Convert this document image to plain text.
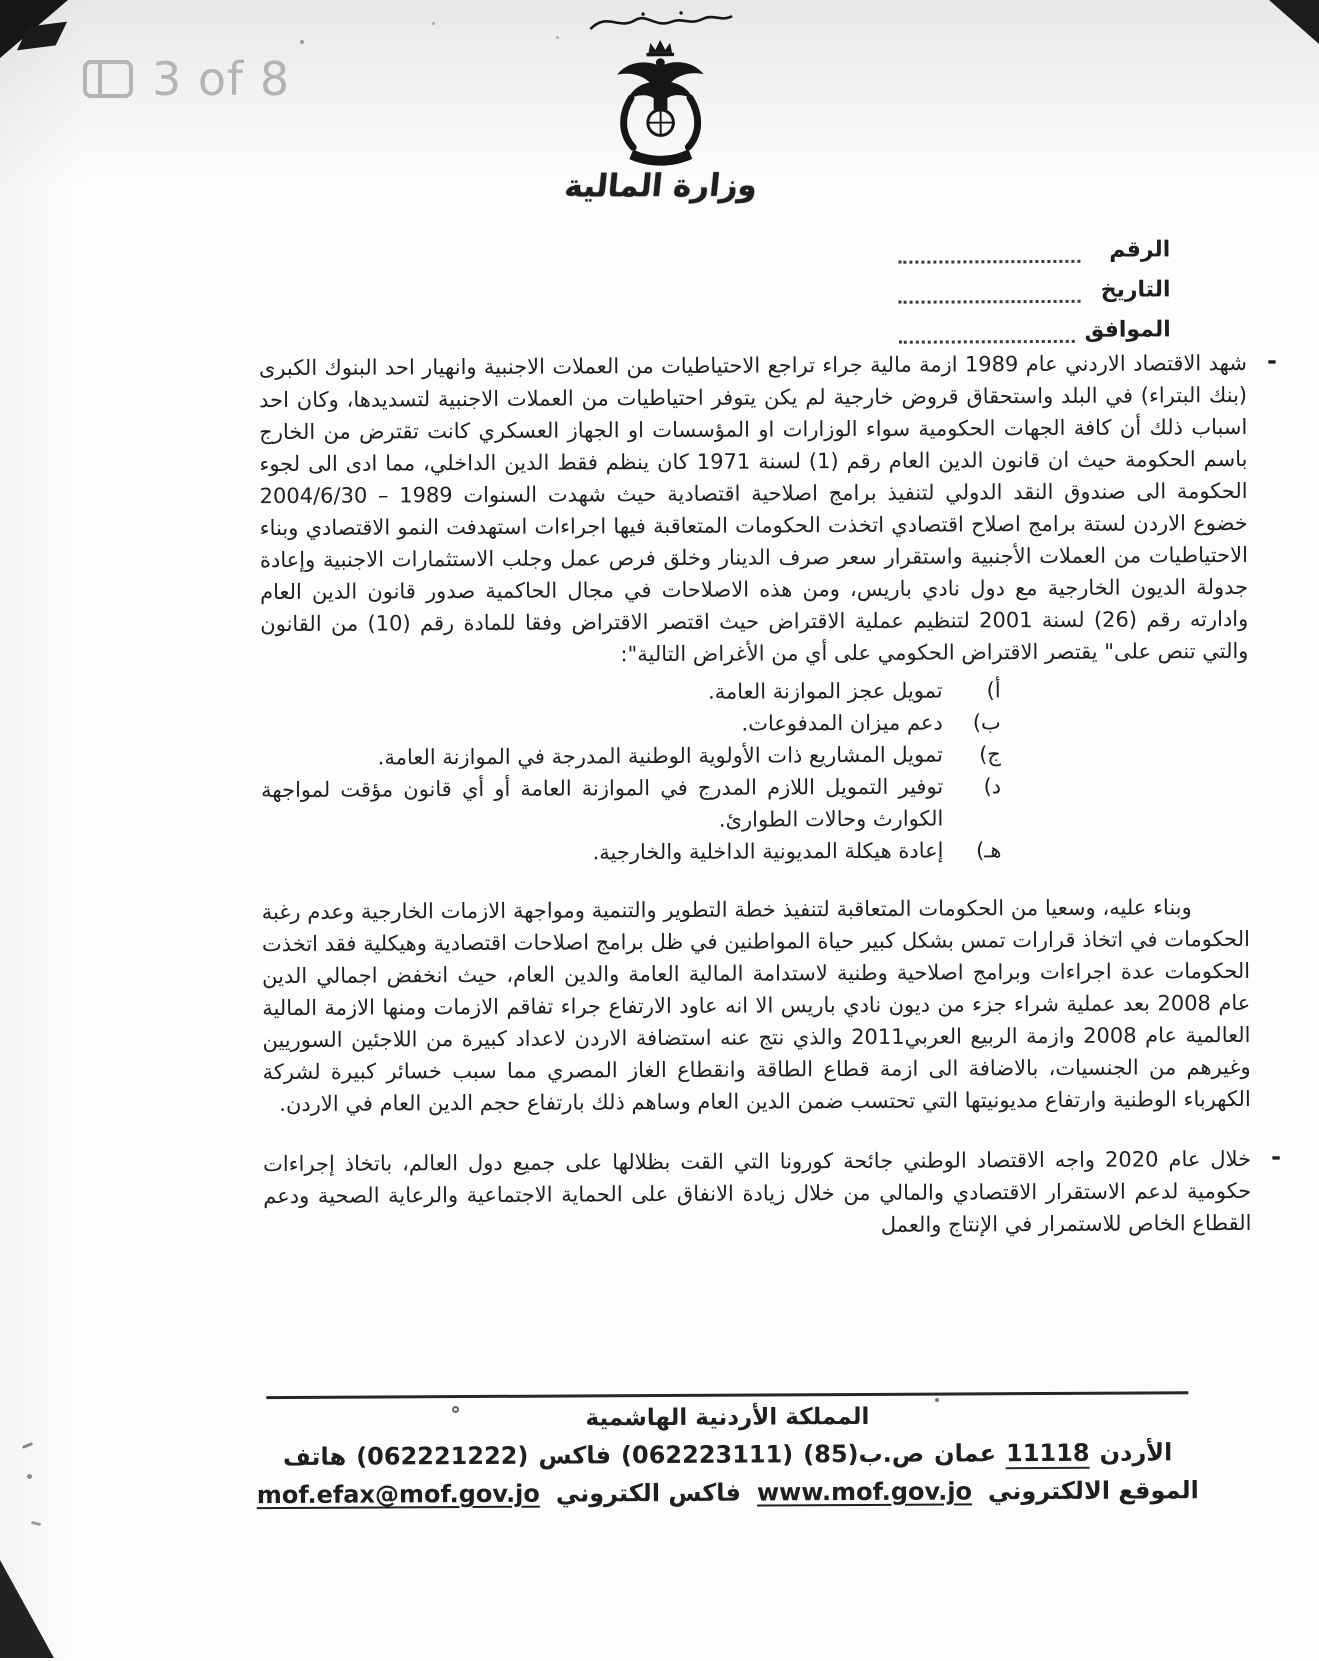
3 of 8
وزارة المالية
الرقم
التاريخ
الموافق
-

شهد الاقتصاد الاردني عام 1989 ازمة مالية جراء تراجع الاحتياطيات من العملات الاجنبية وانهيار احد البنوك الكبرى (بنك البتراء) في البلد واستحقاق قروض خارجية لم يكن يتوفر احتياطيات من العملات الاجنبية لتسديدها، وكان احد اسباب ذلك أن كافة الجهات الحكومية سواء الوزارات او المؤسسات او الجهاز العسكري كانت تقترض من الخارج باسم الحكومة حيث ان قانون الدين العام رقم (1) لسنة 1971 كان ينظم فقط الدين الداخلي، مما ادى الى لجوء الحكومة الى صندوق النقد الدولي لتنفيذ برامج اصلاحية اقتصادية حيث شهدت السنوات 1989 – 2004/6/30 خضوع الاردن لستة برامج اصلاح اقتصادي اتخذت الحكومات المتعاقبة فيها اجراءات استهدفت النمو الاقتصادي وبناء الاحتياطيات من العملات الأجنبية واستقرار سعر صرف الدينار وخلق فرص عمل وجلب الاستثمارات الاجنبية وإعادة جدولة الديون الخارجية مع دول نادي باريس، ومن هذه الاصلاحات في مجال الحاكمية صدور قانون الدين العام وادارته رقم (26) لسنة 2001 لتنظيم عملية الاقتراض حيث اقتصر الاقتراض وفقا للمادة رقم (10) من القانون والتي تنص على" يقتصر الاقتراض الحكومي على أي من الأغراض التالية":

أ)
تمويل عجز الموازنة العامة.
ب)
دعم ميزان المدفوعات.
ج)
تمويل المشاريع ذات الأولوية الوطنية المدرجة في الموازنة العامة.
د)
توفير التمويل اللازم المدرج في الموازنة العامة أو أي قانون مؤقت لمواجهة الكوارث وحالات الطوارئ.
هـ)
إعادة هيكلة المديونية الداخلية والخارجية.

وبناء عليه، وسعيا من الحكومات المتعاقبة لتنفيذ خطة التطوير والتنمية ومواجهة الازمات الخارجية وعدم رغبة الحكومات في اتخاذ قرارات تمس بشكل كبير حياة المواطنين في ظل برامج اصلاحات اقتصادية وهيكلية فقد اتخذت الحكومات عدة اجراءات وبرامج اصلاحية وطنية لاستدامة المالية العامة والدين العام، حيث انخفض اجمالي الدين عام 2008 بعد عملية شراء جزء من ديون نادي باريس الا انه عاود الارتفاع جراء تفاقم الازمات ومنها الازمة المالية العالمية عام 2008 وازمة الربيع العربي2011 والذي نتج عنه استضافة الاردن لاعداد كبيرة من اللاجئين السوريين وغيرهم من الجنسيات، بالاضافة الى ازمة قطاع الطاقة وانقطاع الغاز المصري مما سبب خسائر كبيرة لشركة الكهرباء الوطنية وارتفاع مديونيتها التي تحتسب ضمن الدين العام وساهم ذلك بارتفاع حجم الدين العام في الاردن.

-

خلال عام 2020 واجه الاقتصاد الوطني جائحة كورونا التي القت بظلالها على جميع دول العالم، باتخاذ إجراءات حكومية لدعم الاستقرار الاقتصادي والمالي من خلال زيادة الانفاق على الحماية الاجتماعية والرعاية الصحية ودعم القطاع الخاص للاستمرار في الإنتاج والعمل

المملكة الأردنية الهاشمية
هاتف (062221222) فاكس (062223111) ص.ب(85) عمان 11118 الأردن
الموقع الالكتروني
www.mof.gov.jo
فاكس الكتروني
mof.efax@mof.gov.jo
